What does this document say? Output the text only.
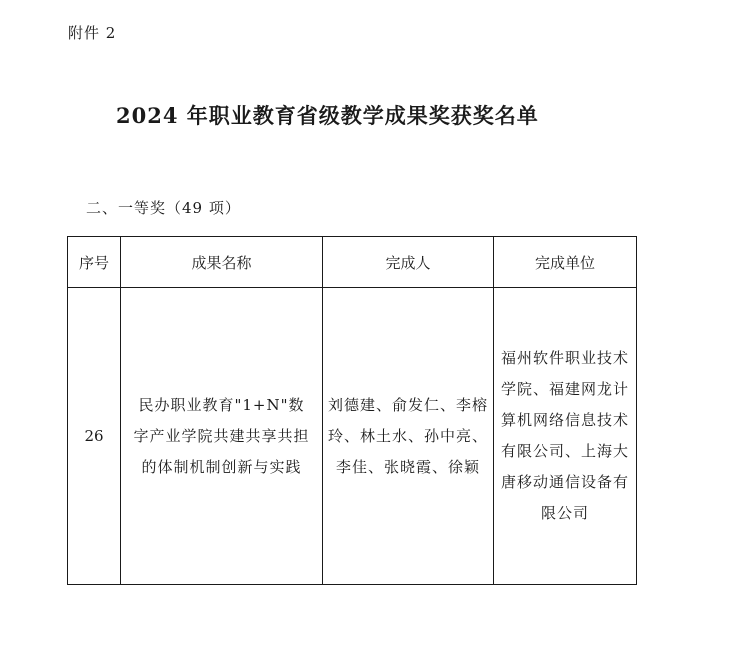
附件 2
2024 年职业教育省级教学成果奖获奖名单
二、一等奖（49 项）
序号	成果名称	完成人	完成单位
26	民办职业教育"1+N"数字产业学院共建共享共担的体制机制创新与实践	刘德建、俞发仁、李榕玲、林土水、孙中亮、李佳、张晓霞、徐颖	福州软件职业技术学院、福建网龙计算机网络信息技术有限公司、上海大唐移动通信设备有限公司
